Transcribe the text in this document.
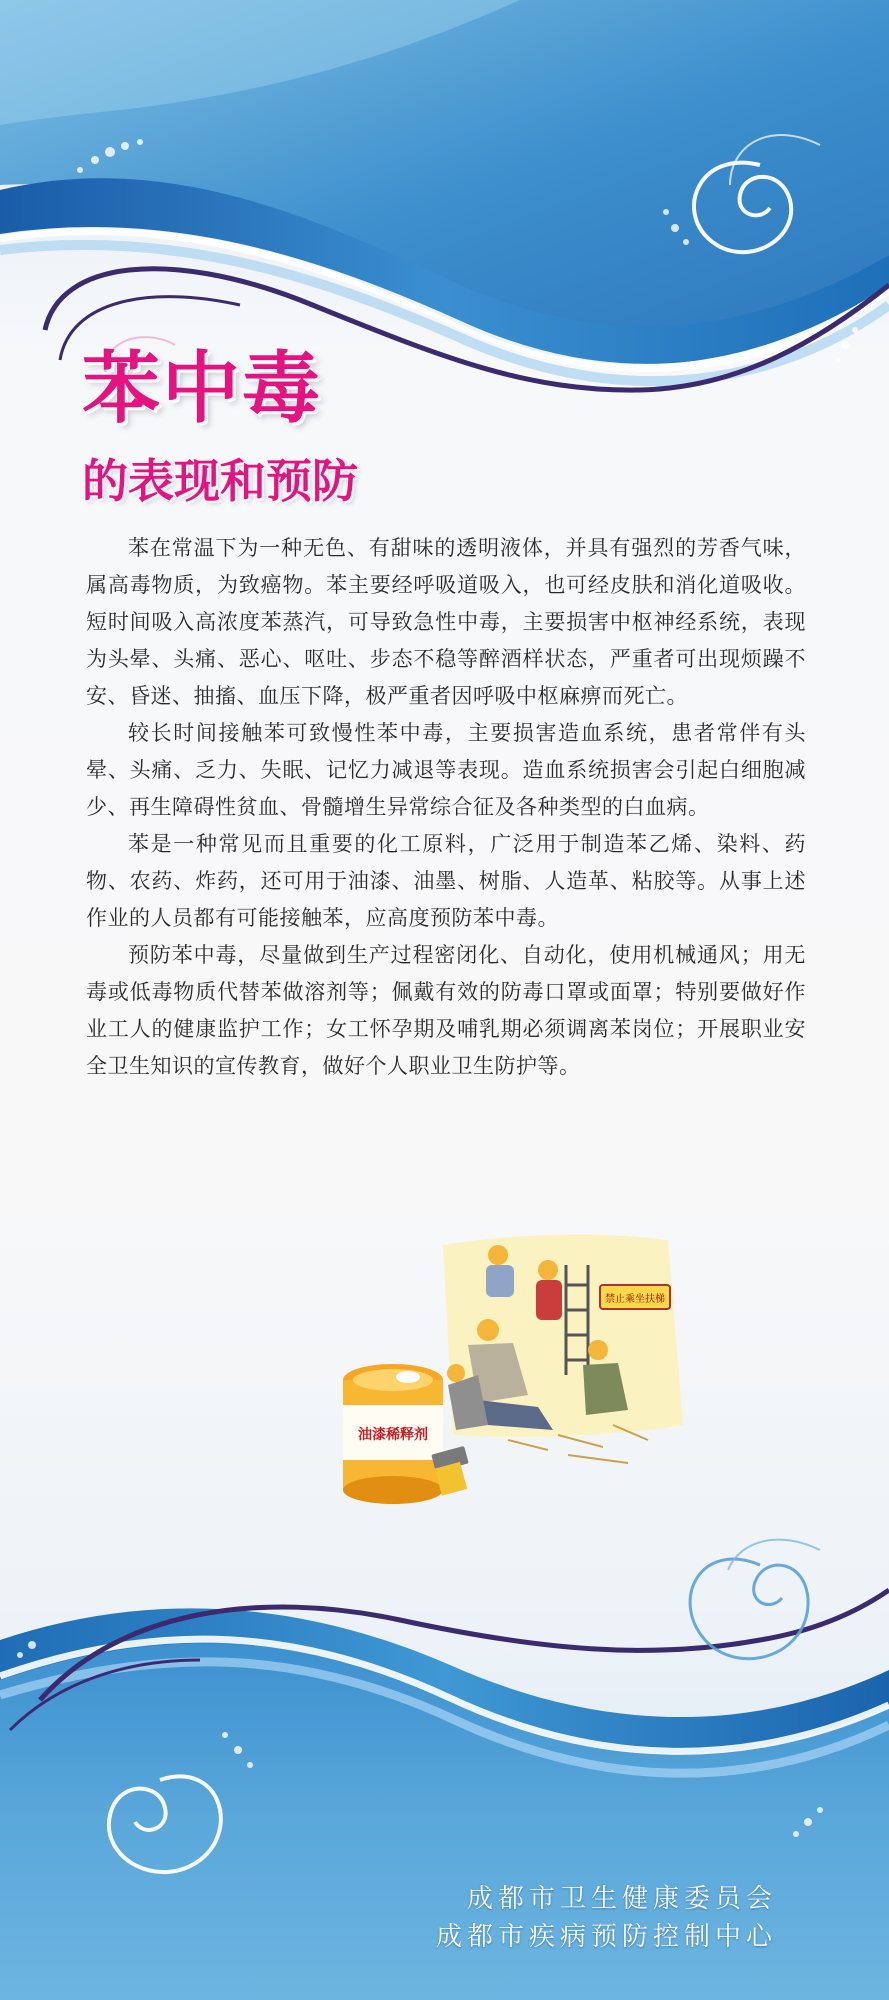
苯中毒
的表现和预防

苯在常温下为一种无色、有甜味的透明液体，并具有强烈的芳香气味，属高毒物质，为致癌物。苯主要经呼吸道吸入，也可经皮肤和消化道吸收。短时间吸入高浓度苯蒸汽，可导致急性中毒，主要损害中枢神经系统，表现为头晕、头痛、恶心、呕吐、步态不稳等醉酒样状态，严重者可出现烦躁不安、昏迷、抽搐、血压下降，极严重者因呼吸中枢麻痹而死亡。

较长时间接触苯可致慢性苯中毒，主要损害造血系统，患者常伴有头晕、头痛、乏力、失眠、记忆力减退等表现。造血系统损害会引起白细胞减少、再生障碍性贫血、骨髓增生异常综合征及各种类型的白血病。

苯是一种常见而且重要的化工原料，广泛用于制造苯乙烯、染料、药物、农药、炸药，还可用于油漆、油墨、树脂、人造革、粘胶等。从事上述作业的人员都有可能接触苯，应高度预防苯中毒。

预防苯中毒，尽量做到生产过程密闭化、自动化，使用机械通风；用无毒或低毒物质代替苯做溶剂等；佩戴有效的防毒口罩或面罩；特别要做好作业工人的健康监护工作；女工怀孕期及哺乳期必须调离苯岗位；开展职业安全卫生知识的宣传教育，做好个人职业卫生防护等。

禁止乘坐扶梯
油漆稀释剂
成都市卫生健康委员会
成都市疾病预防控制中心
